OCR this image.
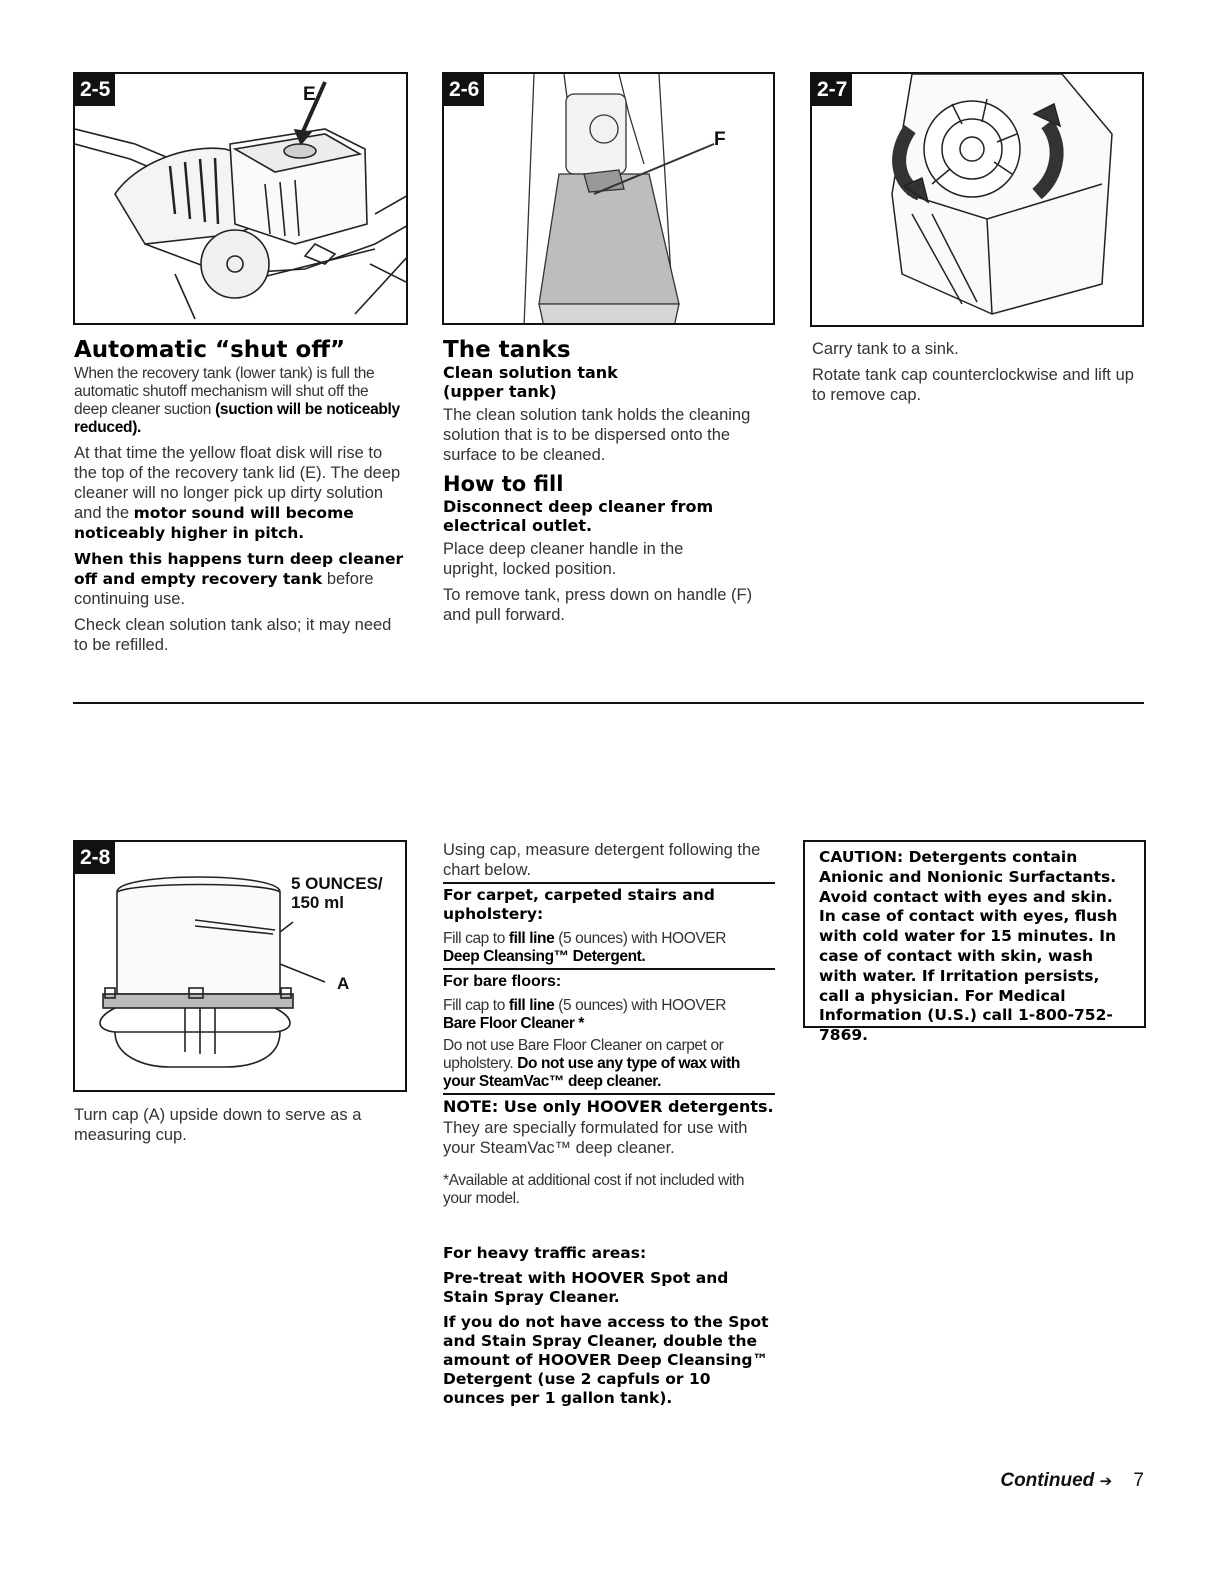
2-5	E	2-6
F
2-7
Automatic “shut off”

When the recovery tank (lower tank) is full the automatic shutoff mechanism will shut off the deep cleaner suction (suction will be noticeably reduced).

At that time the yellow float disk will rise to the top of the recovery tank lid (E). The deep cleaner will no longer pick up dirty solution and the motor sound will become noticeably higher in pitch.

When this happens turn deep cleaner off and empty recovery tank before continuing use.

Check clean solution tank also; it may need to be refilled.

The tanks
Clean solution tank (upper tank)

The clean solution tank holds the cleaning solution that is to be dispersed onto the surface to be cleaned.

How to fill
Disconnect deep cleaner from electrical outlet.

Place deep cleaner handle in the upright, locked position.

To remove tank, press down on handle (F) and pull forward.

Carry tank to a sink.

Rotate tank cap counterclockwise and lift up to remove cap.

2-8
5 OUNCES/
150 ml
A

Turn cap (A) upside down to serve as a measuring cup.

Using cap, measure detergent following the chart below.

For carpet, carpeted stairs and upholstery:

Fill cap to fill line (5 ounces) with HOOVER
Deep Cleansing™ Detergent.

For bare floors:

Fill cap to fill line (5 ounces) with HOOVER
Bare Floor Cleaner *

Do not use Bare Floor Cleaner on carpet or upholstery. Do not use any type of wax with your SteamVac™ deep cleaner.

NOTE: Use only HOOVER detergents.

They are specially formulated for use with your SteamVac™ deep cleaner.

*Available at additional cost if not included with your model.

For heavy traffic areas:
Pre-treat with HOOVER Spot and Stain Spray Cleaner.
If you do not have access to the Spot and Stain Spray Cleaner, double the amount of HOOVER Deep Cleansing™ Detergent (use 2 capfuls or 10 ounces per 1 gallon tank).
CAUTION: Detergents contain Anionic and Nonionic Surfactants. Avoid contact with eyes and skin. In case of contact with eyes, flush with cold water for 15 minutes. In case of contact with skin, wash with water. If Irritation persists, call a physician. For Medical Information (U.S.) call 1-800-752-7869.
Continued ➔ 7
